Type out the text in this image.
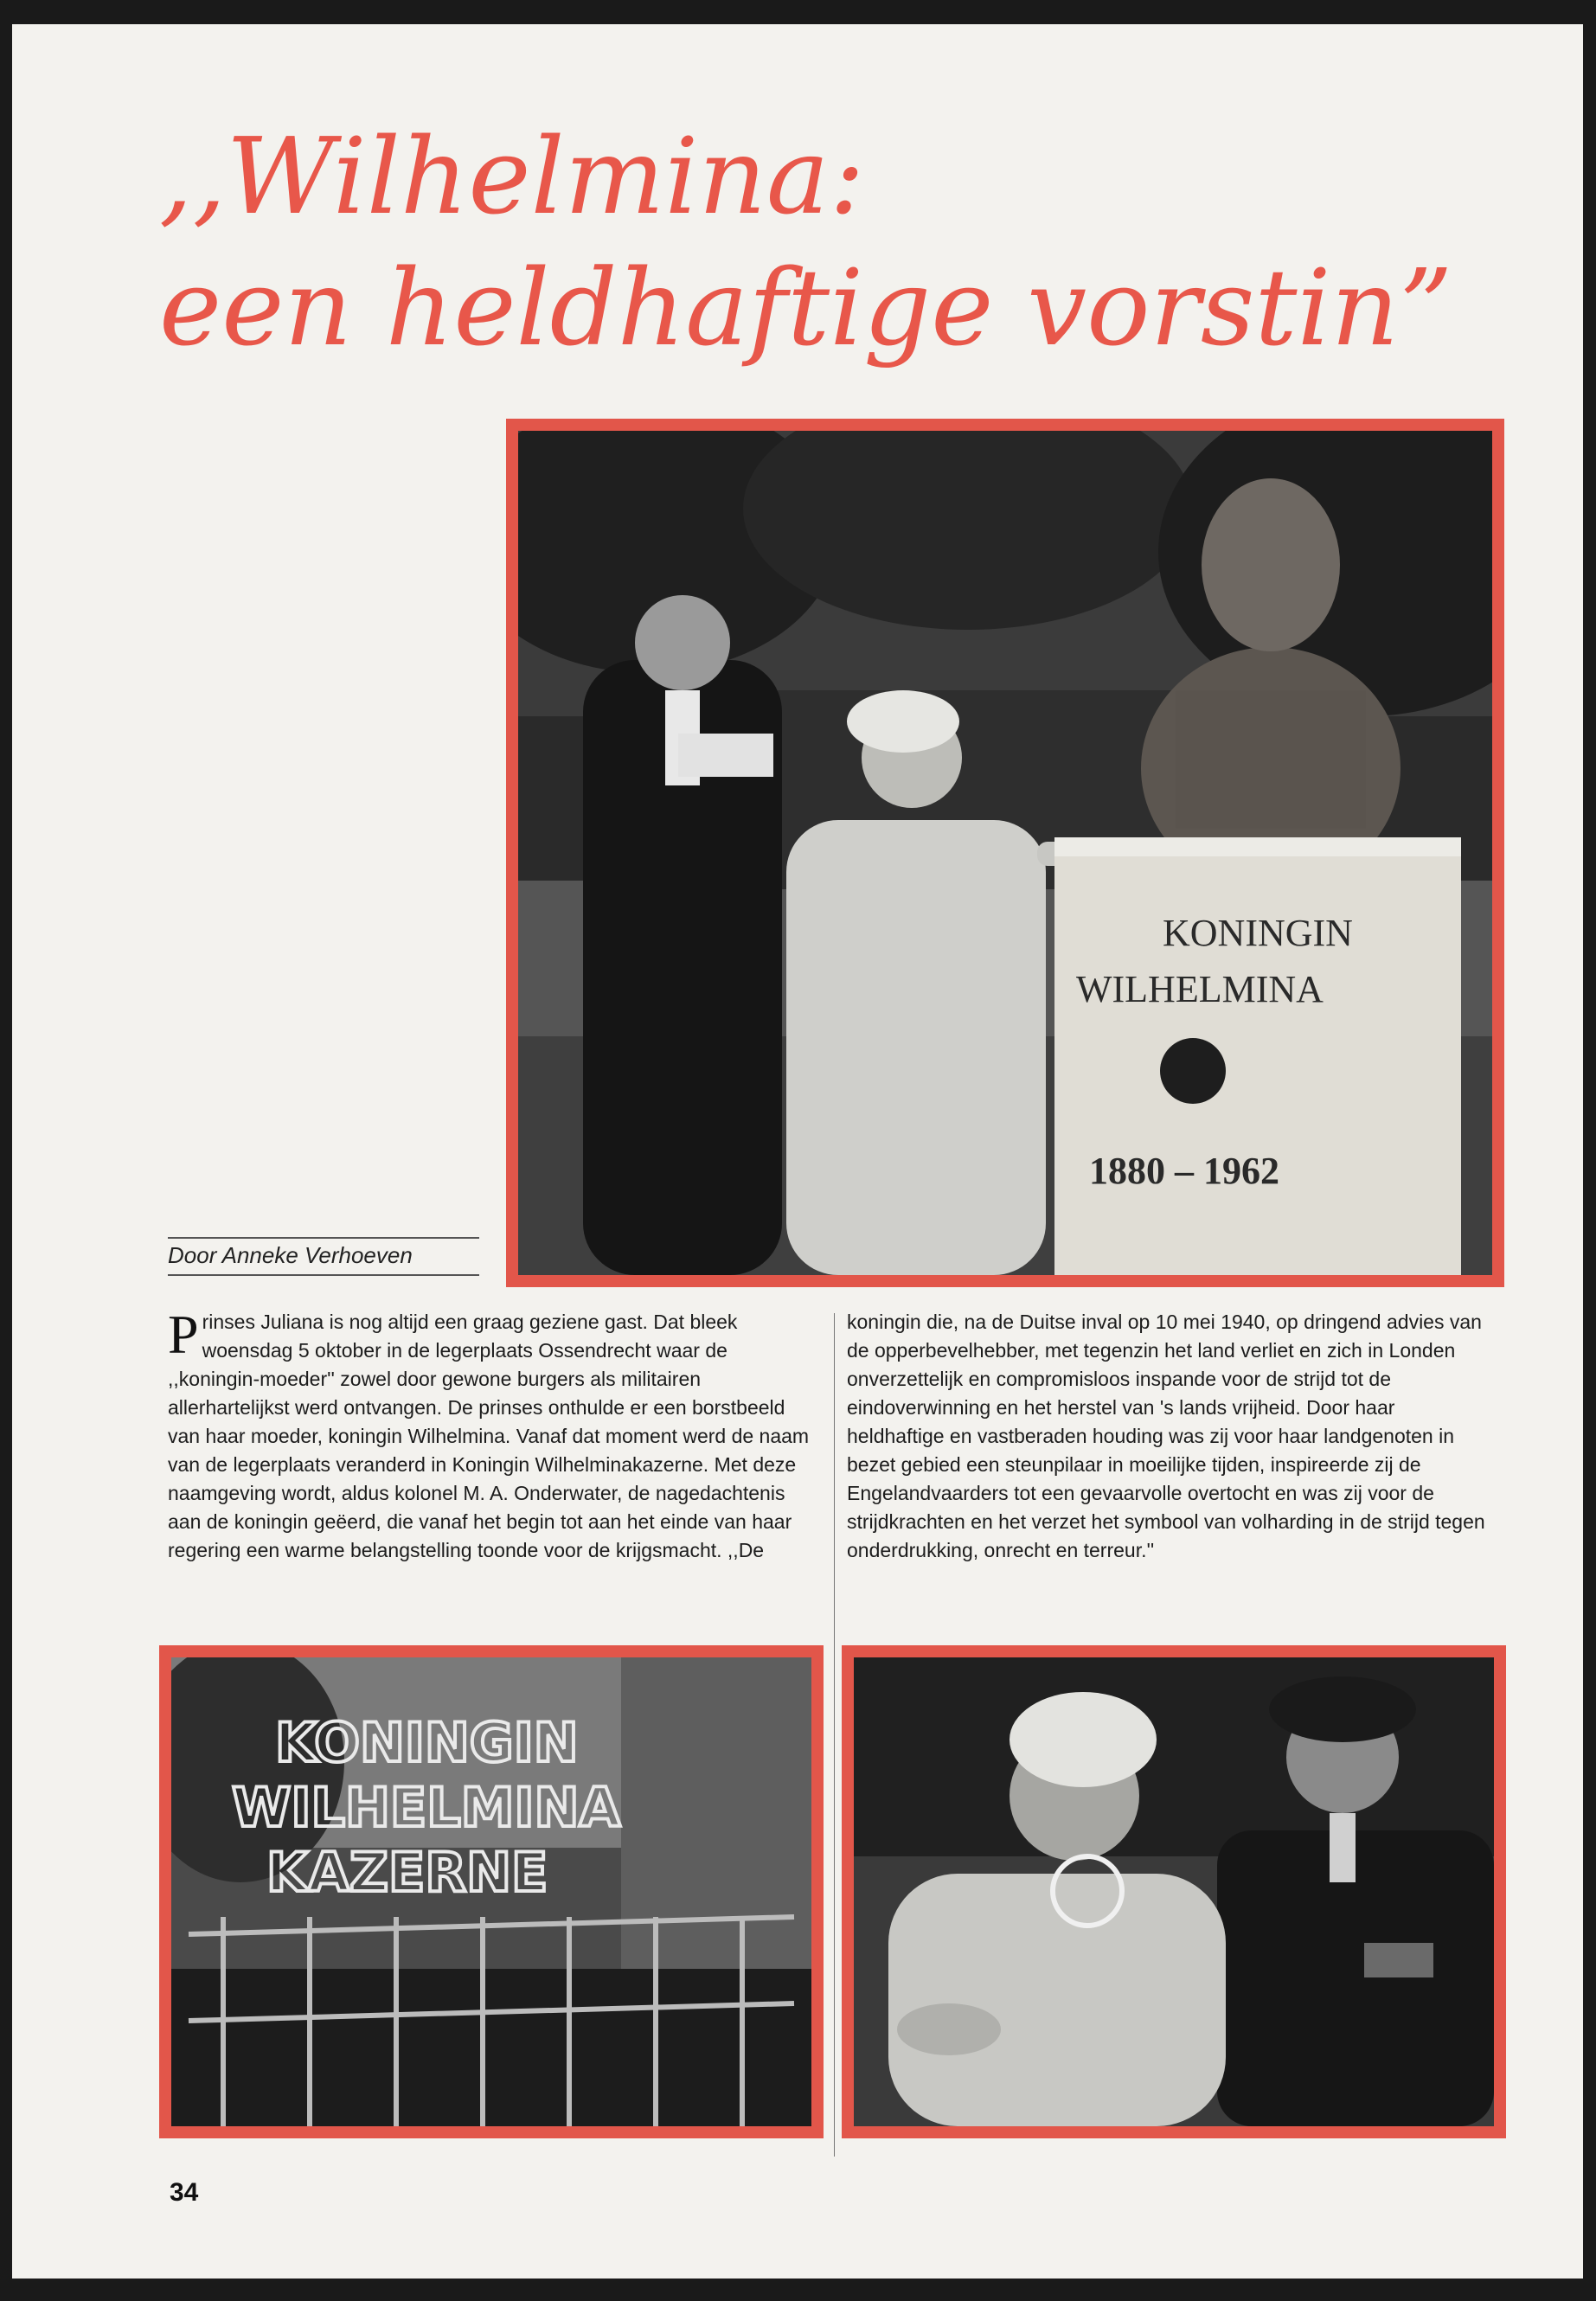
,,Wilhelmina:
een heldhaftige vorstin”
KONINGIN
WILHELMINA
1880 – 1962
Door Anneke Verhoeven

Prinses Juliana is nog altijd een graag geziene gast. Dat bleek woensdag 5 oktober in de legerplaats Ossendrecht waar de ,,koningin-moeder'' zowel door gewone burgers als militairen allerhartelijkst werd ontvangen. De prinses onthulde er een borstbeeld van haar moeder, koningin Wilhelmina. Vanaf dat moment werd de naam van de legerplaats veranderd in Koningin Wilhelminakazerne. Met deze naamgeving wordt, aldus kolonel M. A. Onderwater, de nagedachtenis aan de koningin geëerd, die vanaf het begin tot aan het einde van haar regering een warme belangstelling toonde voor de krijgsmacht. ,,De

koningin die, na de Duitse inval op 10 mei 1940, op dringend advies van de opperbevelhebber, met tegenzin het land verliet en zich in Londen onverzettelijk en compromisloos inspande voor de strijd tot de eindoverwinning en het herstel van 's lands vrijheid. Door haar heldhaftige en vastberaden houding was zij voor haar landgenoten in bezet gebied een steunpilaar in moeilijke tijden, inspireerde zij de Engelandvaarders tot een gevaarvolle overtocht en was zij voor de strijdkrachten en het verzet het symbool van volharding in de strijd tegen onderdrukking, onrecht en terreur.''

KONINGIN
WILHELMINA
KAZERNE
34
